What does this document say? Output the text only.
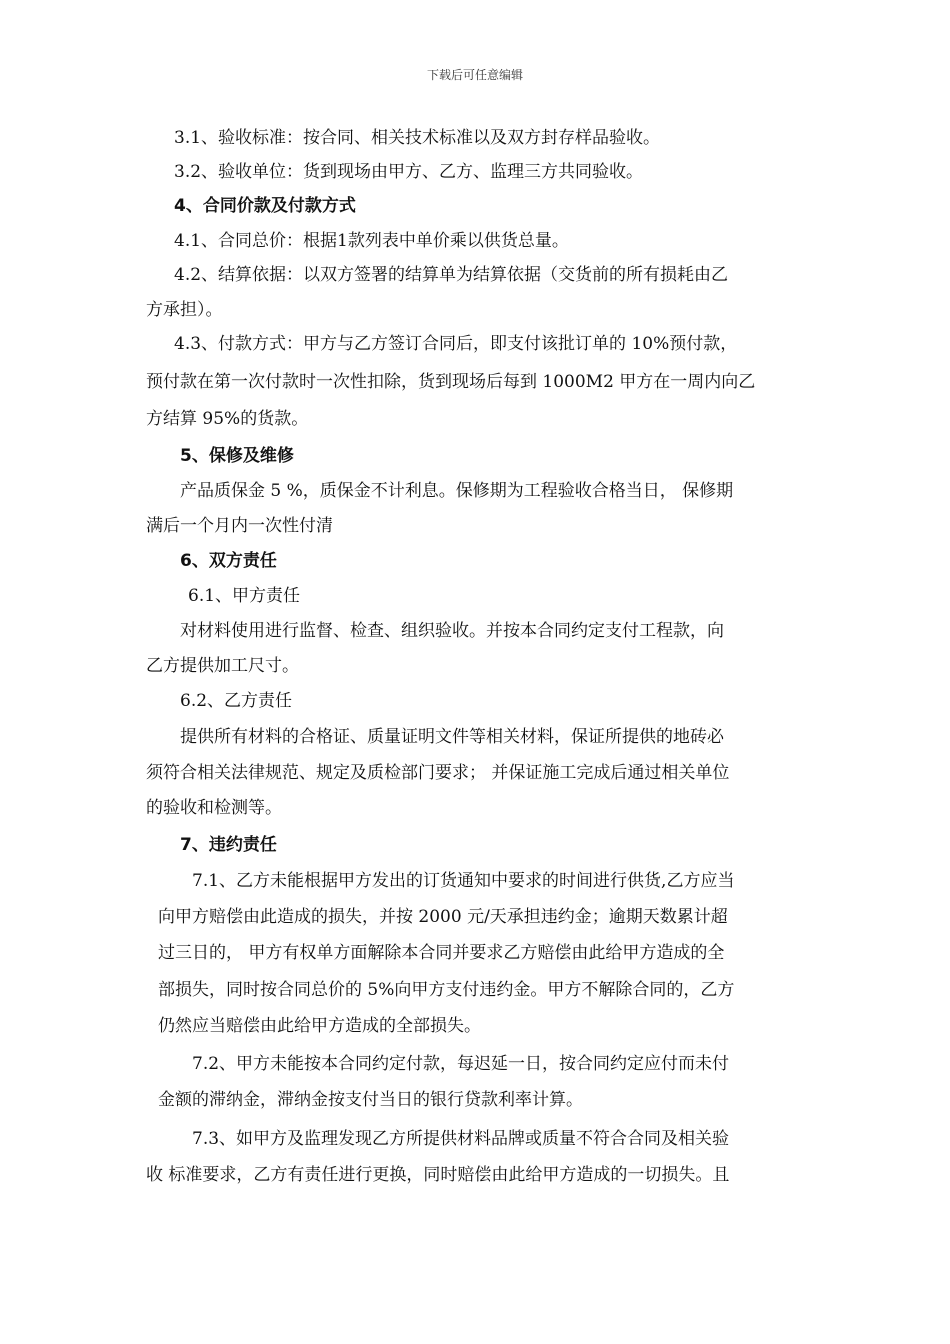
下载后可任意编辑
3.1、验收标准：按合同、相关技术标准以及双方封存样品验收。
3.2、验收单位：货到现场由甲方、乙方、监理三方共同验收。
4、合同价款及付款方式
4.1、合同总价：根据1款列表中单价乘以供货总量。
4.2、结算依据：以双方签署的结算单为结算依据（交货前的所有损耗由乙
方承担）。
4.3、付款方式：甲方与乙方签订合同后，即支付该批订单的 10%预付款，
预付款在第一次付款时一次性扣除，货到现场后每到 1000M2 甲方在一周内向乙
方结算 95%的货款。
5、保修及维修
产品质保金 5 %，质保金不计利息。保修期为工程验收合格当日， 保修期
满后一个月内一次性付清
6、双方责任
6.1、甲方责任
对材料使用进行监督、检查、组织验收。并按本合同约定支付工程款，向
乙方提供加工尺寸。
6.2、乙方责任
提供所有材料的合格证、质量证明文件等相关材料，保证所提供的地砖必
须符合相关法律规范、规定及质检部门要求； 并保证施工完成后通过相关单位
的验收和检测等。
7、违约责任
7.1、乙方未能根据甲方发出的订货通知中要求的时间进行供货,乙方应当
向甲方赔偿由此造成的损失，并按 2000 元/天承担违约金；逾期天数累计超
过三日的， 甲方有权单方面解除本合同并要求乙方赔偿由此给甲方造成的全
部损失，同时按合同总价的 5%向甲方支付违约金。甲方不解除合同的，乙方
仍然应当赔偿由此给甲方造成的全部损失。
7.2、甲方未能按本合同约定付款，每迟延一日，按合同约定应付而未付
金额的滞纳金，滞纳金按支付当日的银行贷款利率计算。
7.3、如甲方及监理发现乙方所提供材料品牌或质量不符合合同及相关验
收 标准要求，乙方有责任进行更换，同时赔偿由此给甲方造成的一切损失。且
